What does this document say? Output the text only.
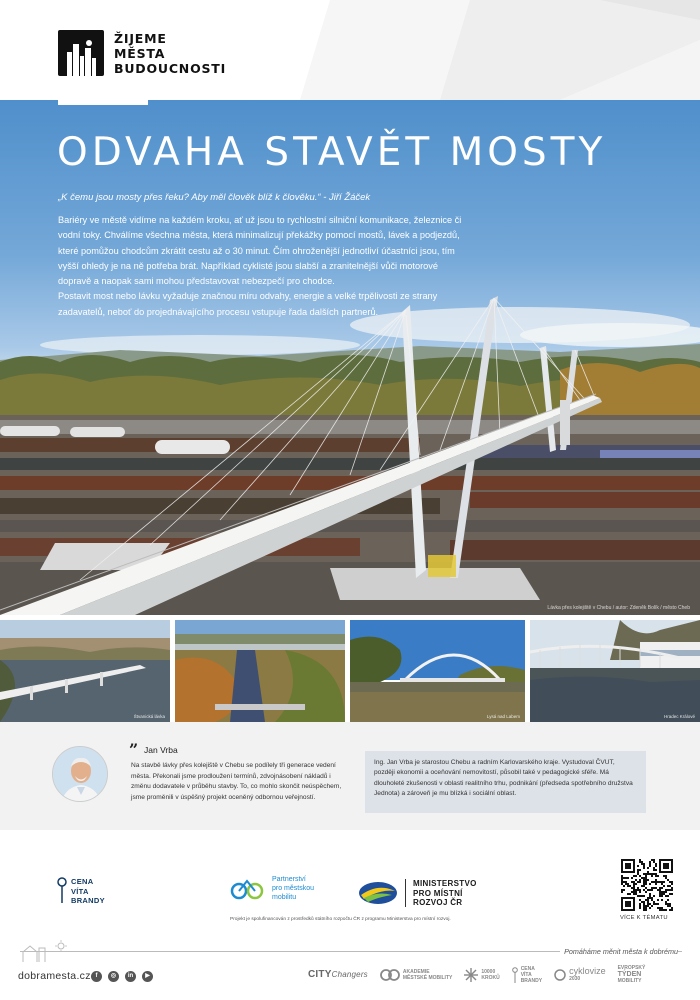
ŽIJEME
MĚSTA
BUDOUCNOSTI
ODVAHA STAVĚT MOSTY

„K čemu jsou mosty přes řeku? Aby měl člověk blíž k člověku.“ - Jiří Žáček

Bariéry ve městě vidíme na každém kroku, ať už jsou to rychlostní silniční komunikace, železnice či vodní toky. Chválíme všechna města, která minimalizují překážky pomocí mostů, lávek a podjezdů, které pomůžou chodcům zkrátit cestu až o 30 minut. Čím ohroženější jednotliví účastníci jsou, tím vyšší ohledy je na ně potřeba brát. Například cyklisté jsou slabší a zranitelnější vůči motorové dopravě a naopak sami mohou představovat nebezpečí pro chodce.

Postavit most nebo lávku vyžaduje značnou míru odvahy, energie a velké trpělivosti ze strany zadavatelů, neboť do projednávajícího procesu vstupuje řada dalších partnerů.

Lávka přes kolejiště v Chebu / autor: Zdeněk Bolík / město Cheb
Štvanická lávka	Lysá nad Labem	Hradec Králové
” Jan Vrba

Na stavbě lávky přes kolejiště v Chebu se podílely tři generace vedení města. Překonali jsme prodloužení termínů, zdvojnásobení nákladů i změnu dodavatele v průběhu stavby. To, co mohlo skončit neúspěchem, jsme proměnili v úspěšný projekt oceněný odbornou veřejností.

Ing. Jan Vrba je starostou Chebu a radním Karlovarského kraje. Vystudoval ČVUT, později ekonomii a oceňování nemovitostí, působil také v pedagogické sféře. Má dlouholeté zkušenosti v oblasti realitního trhu, podnikání (předseda spotřebního družstva Jednota) a zároveň je mu blízká i sociální oblast.

CENA
VÍTA
BRANDY
Partnerství
pro městskou
mobilitu
MINISTERSTVO
PRO MÍSTNÍ
ROZVOJ ČR
Projekt je spolufinancován z prostředků státního rozpočtu ČR z programu Ministerstva pro místní rozvoj.	VÍCE K TÉMATU
Pomáháme měnit města k dobrému
dobramesta.cz f	◎	in	▶	CITYChangers	AKADEMIE
MĚSTSKÉ MOBILITY
10000
KROKŮ
CENA
VÍTA
BRANDY
cyklovize
2030
EVROPSKÝ
TÝDEN
MOBILITY
